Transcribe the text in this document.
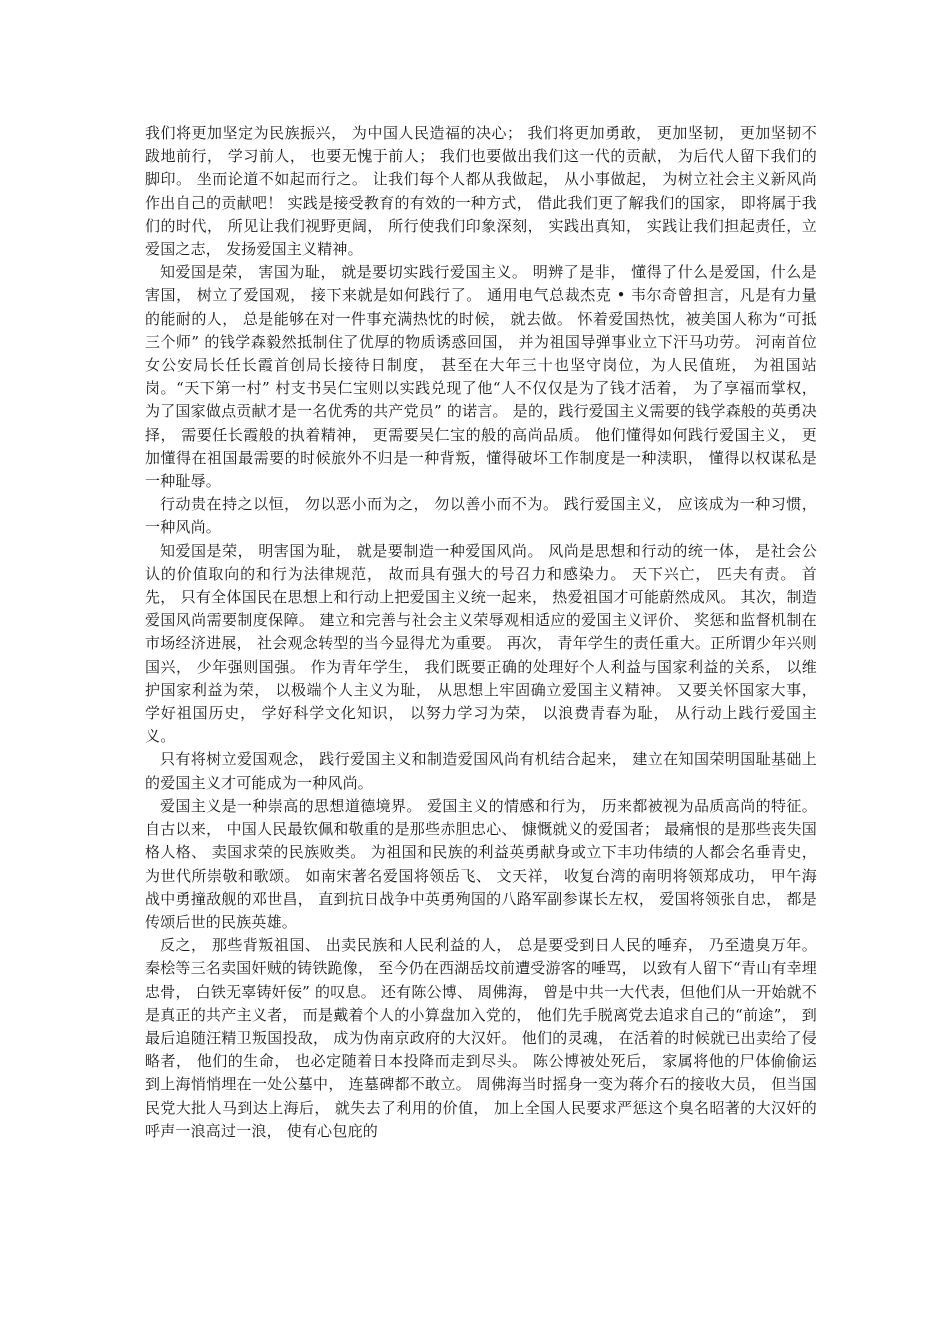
我们将更加坚定为民族振兴， 为中国人民造福的决心； 我们将更加勇敢， 更加坚韧， 更加坚韧不跋地前行， 学习前人， 也要无愧于前人； 我们也要做出我们这一代的贡献， 为后代人留下我们的脚印。 坐而论道不如起而行之。 让我们每个人都从我做起， 从小事做起， 为树立社会主义新风尚作出自己的贡献吧！ 实践是接受教育的有效的一种方式， 借此我们更了解我们的国家， 即将属于我们的时代， 所见让我们视野更阔， 所行使我们印象深刻， 实践出真知， 实践让我们担起责任，立爱国之志， 发扬爱国主义精神。

知爱国是荣， 害国为耻， 就是要切实践行爱国主义。 明辨了是非， 懂得了什么是爱国，什么是害国， 树立了爱国观， 接下来就是如何践行了。 通用电气总裁杰克 • 韦尔奇曾担言，凡是有力量的能耐的人， 总是能够在对一件事充满热忱的时候， 就去做。 怀着爱国热忱，被美国人称为“可抵三个师” 的钱学森毅然抵制住了优厚的物质诱惑回国， 并为祖国导弹事业立下汗马功劳。 河南首位女公安局长任长霞首创局长接待日制度， 甚至在大年三十也坚守岗位，为人民值班， 为祖国站岗。“天下第一村” 村支书吴仁宝则以实践兑现了他“人不仅仅是为了钱才活着， 为了享福而掌权， 为了国家做点贡献才是一名优秀的共产党员” 的诺言。 是的，践行爱国主义需要的钱学森般的英勇决择， 需要任长霞般的执着精神， 更需要吴仁宝的般的高尚品质。 他们懂得如何践行爱国主义， 更加懂得在祖国最需要的时候旅外不归是一种背叛，懂得破坏工作制度是一种渎职， 懂得以权谋私是一种耻辱。

行动贵在持之以恒， 勿以恶小而为之， 勿以善小而不为。 践行爱国主义， 应该成为一种习惯，一种风尚。

知爱国是荣， 明害国为耻， 就是要制造一种爱国风尚。 风尚是思想和行动的统一体， 是社会公认的价值取向的和行为法律规范， 故而具有强大的号召力和感染力。 天下兴亡， 匹夫有责。 首先， 只有全体国民在思想上和行动上把爱国主义统一起来， 热爱祖国才可能蔚然成风。 其次，制造爱国风尚需要制度保障。 建立和完善与社会主义荣辱观相适应的爱国主义评价、 奖惩和监督机制在市场经济进展， 社会观念转型的当今显得尤为重要。 再次， 青年学生的责任重大。正所谓少年兴则国兴， 少年强则国强。 作为青年学生， 我们既要正确的处理好个人利益与国家利益的关系， 以维护国家利益为荣， 以极端个人主义为耻， 从思想上牢固确立爱国主义精神。 又要关怀国家大事， 学好祖国历史， 学好科学文化知识， 以努力学习为荣， 以浪费青春为耻， 从行动上践行爱国主义。

只有将树立爱国观念， 践行爱国主义和制造爱国风尚有机结合起来， 建立在知国荣明国耻基础上的爱国主义才可能成为一种风尚。

爱国主义是一种崇高的思想道德境界。 爱国主义的情感和行为， 历来都被视为品质高尚的特征。 自古以来， 中国人民最钦佩和敬重的是那些赤胆忠心、 慷慨就义的爱国者； 最痛恨的是那些丧失国格人格、 卖国求荣的民族败类。 为祖国和民族的利益英勇献身或立下丰功伟绩的人都会名垂青史， 为世代所崇敬和歌颂。 如南宋著名爱国将领岳飞、 文天祥， 收复台湾的南明将领郑成功， 甲午海战中勇撞敌舰的邓世昌， 直到抗日战争中英勇殉国的八路军副参谋长左权， 爱国将领张自忠， 都是传颂后世的民族英雄。

反之， 那些背叛祖国、 出卖民族和人民利益的人， 总是要受到日人民的唾弃， 乃至遗臭万年。 秦桧等三名卖国奸贼的铸铁跪像， 至今仍在西湖岳坟前遭受游客的唾骂， 以致有人留下“青山有幸埋忠骨， 白铁无辜铸奸佞” 的叹息。 还有陈公博、 周佛海， 曾是中共一大代表，但他们从一开始就不是真正的共产主义者， 而是戴着个人的小算盘加入党的， 他们先手脱离党去追求自己的“前途”， 到最后追随汪精卫叛国投敌， 成为伪南京政府的大汉奸。 他们的灵魂， 在活着的时候就已出卖给了侵略者， 他们的生命， 也必定随着日本投降而走到尽头。 陈公博被处死后， 家属将他的尸体偷偷运到上海悄悄埋在一处公墓中， 连墓碑都不敢立。 周佛海当时摇身一变为蒋介石的接收大员， 但当国民党大批人马到达上海后， 就失去了利用的价值， 加上全国人民要求严惩这个臭名昭著的大汉奸的呼声一浪高过一浪， 使有心包庇的
